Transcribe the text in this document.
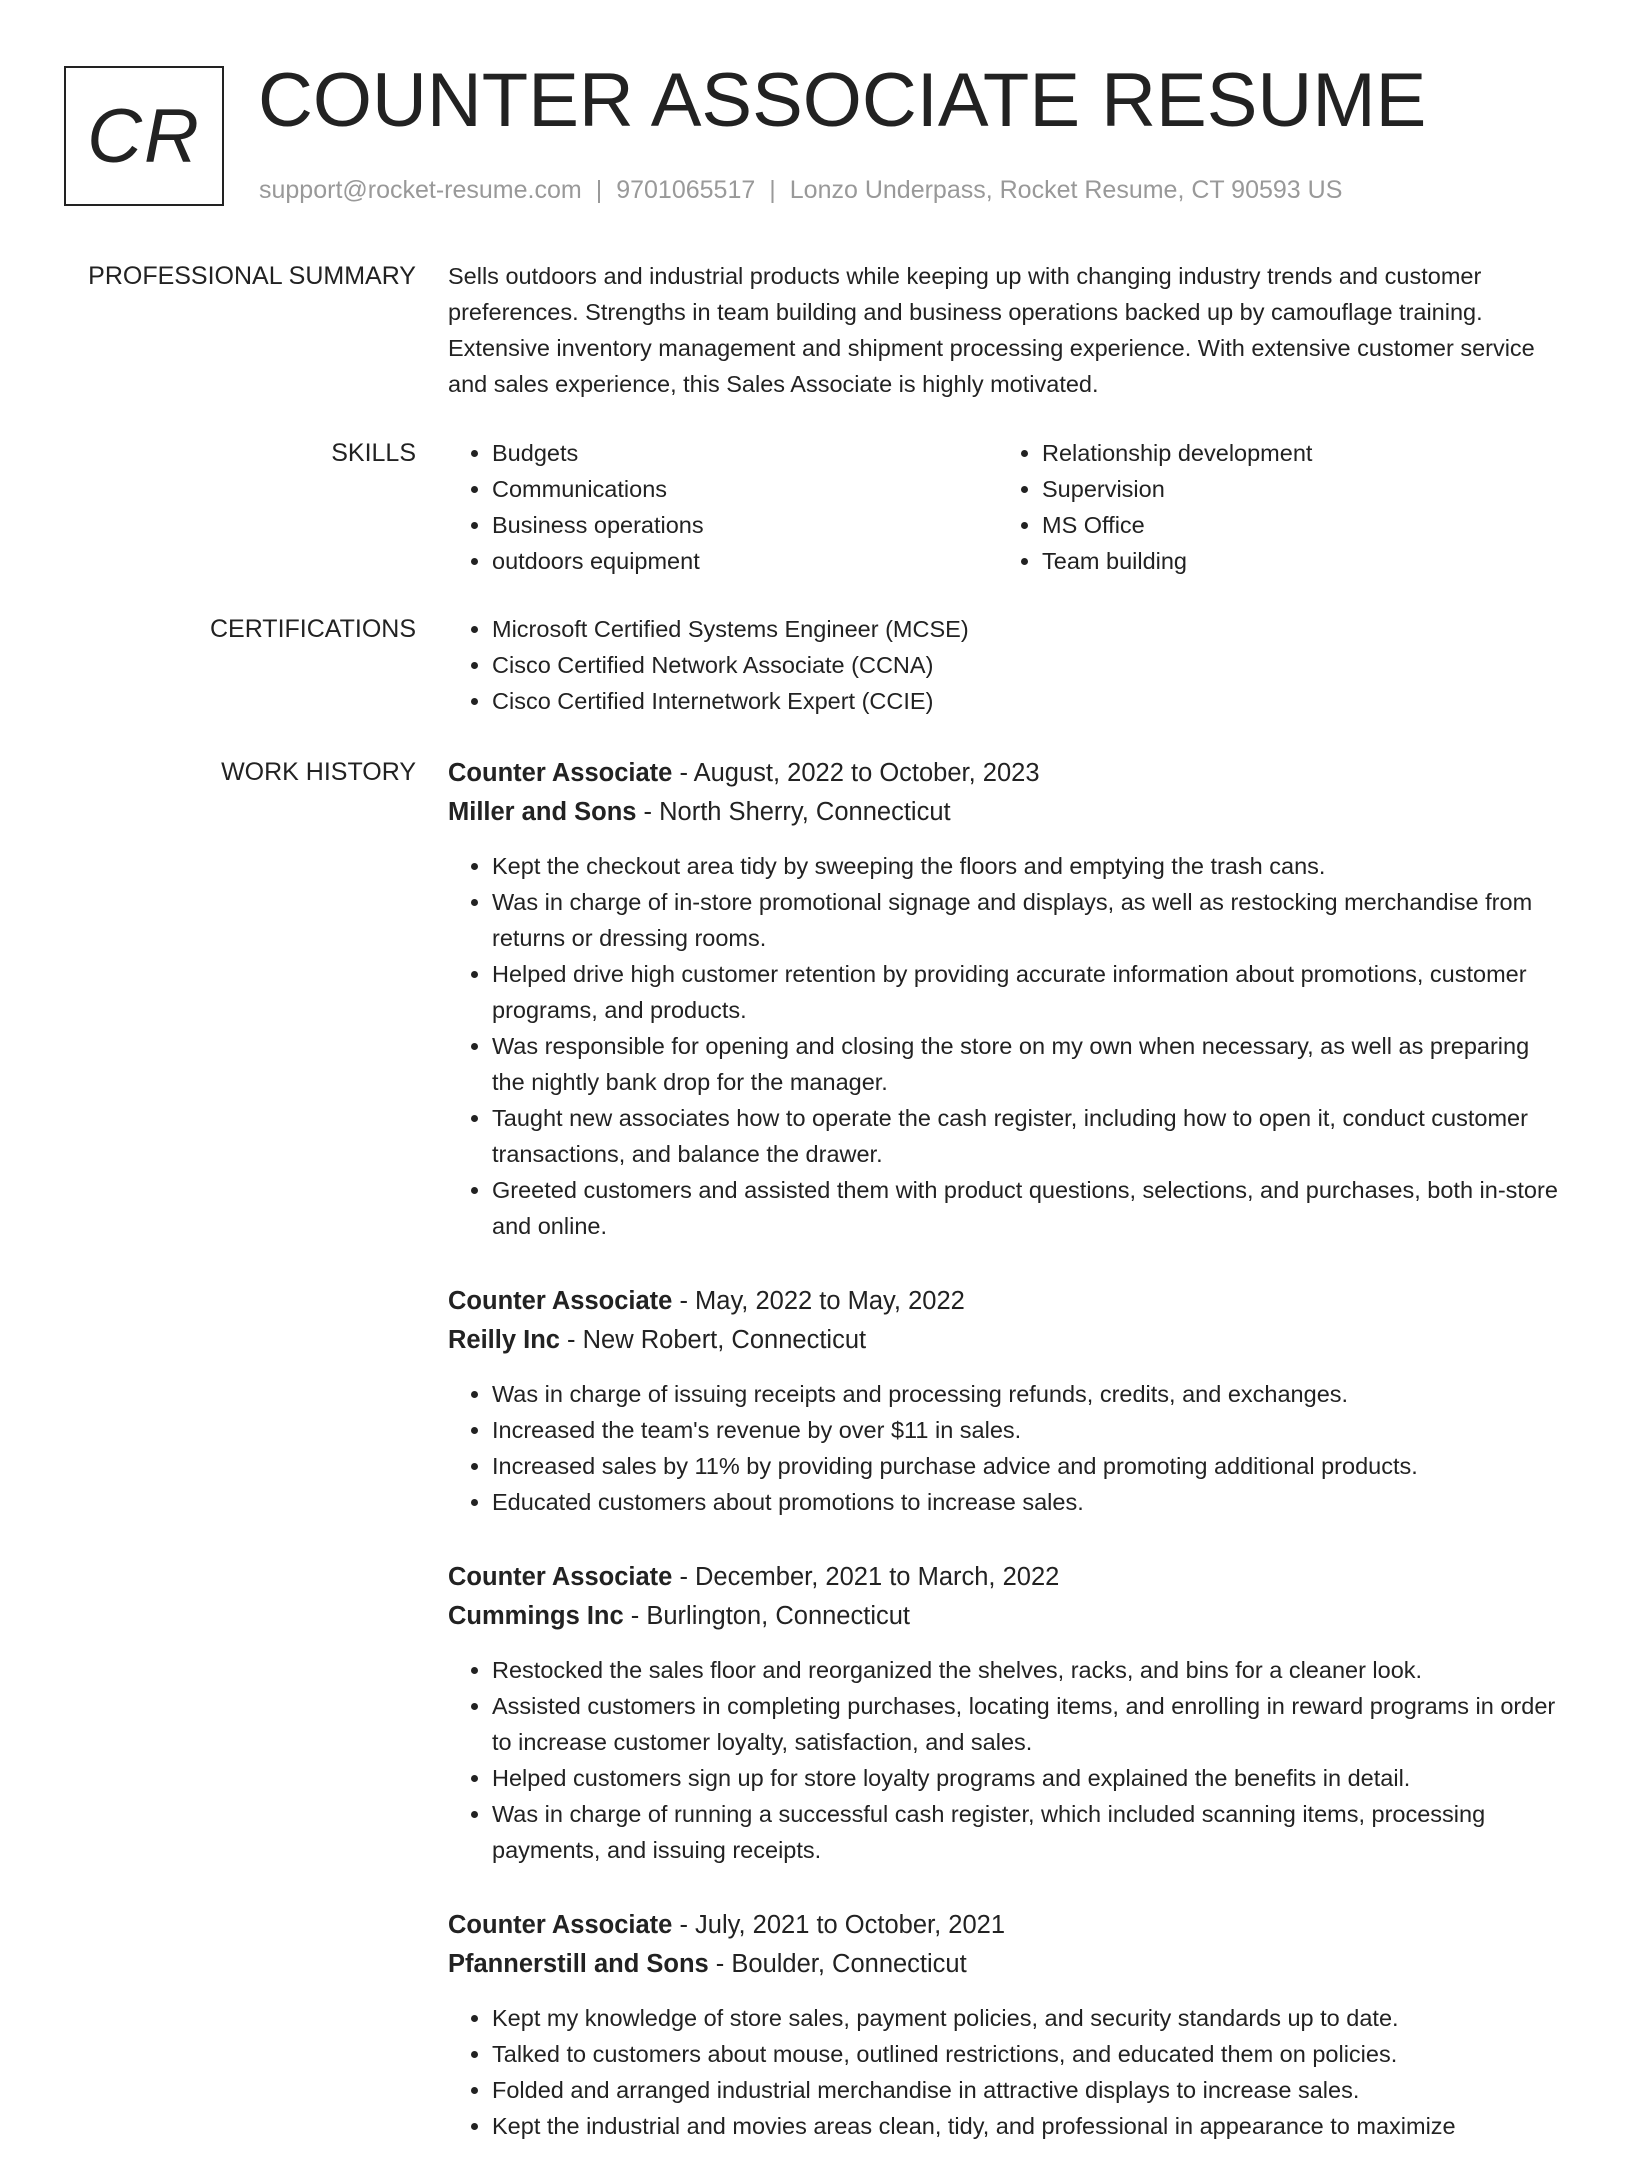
CR COUNTER ASSOCIATE RESUME
support@rocket-resume.com | 9701065517 | Lonzo Underpass, Rocket Resume, CT 90593 US
PROFESSIONAL SUMMARY Sells outdoors and industrial products while keeping up with changing industry trends and customer preferences. Strengths in team building and business operations backed up by camouflage training. Extensive inventory management and shipment processing experience. With extensive customer service and sales experience, this Sales Associate is highly motivated.

SKILLS	• Budgets
• Communications
• Business operations
• outdoors equipment
• Relationship development
• Supervision
• MS Office
• Team building
CERTIFICATIONS	• Microsoft Certified Systems Engineer (MCSE)
• Cisco Certified Network Associate (CCNA)
• Cisco Certified Internetwork Expert (CCIE)
WORK HISTORY Counter Associate - August, 2022 to October, 2023
Miller and Sons - North Sherry, Connecticut
• Kept the checkout area tidy by sweeping the floors and emptying the trash cans.
• Was in charge of in-store promotional signage and displays, as well as restocking merchandise from returns or dressing rooms.
• Helped drive high customer retention by providing accurate information about promotions, customer programs, and products.
• Was responsible for opening and closing the store on my own when necessary, as well as preparing the nightly bank drop for the manager.
• Taught new associates how to operate the cash register, including how to open it, conduct customer transactions, and balance the drawer.
• Greeted customers and assisted them with product questions, selections, and purchases, both in-store and online.
Counter Associate - May, 2022 to May, 2022
Reilly Inc - New Robert, Connecticut
• Was in charge of issuing receipts and processing refunds, credits, and exchanges.
• Increased the team's revenue by over $11 in sales.
• Increased sales by 11% by providing purchase advice and promoting additional products.
• Educated customers about promotions to increase sales.
Counter Associate - December, 2021 to March, 2022
Cummings Inc - Burlington, Connecticut
• Restocked the sales floor and reorganized the shelves, racks, and bins for a cleaner look.
• Assisted customers in completing purchases, locating items, and enrolling in reward programs in order to increase customer loyalty, satisfaction, and sales.
• Helped customers sign up for store loyalty programs and explained the benefits in detail.
• Was in charge of running a successful cash register, which included scanning items, processing payments, and issuing receipts.
Counter Associate - July, 2021 to October, 2021
Pfannerstill and Sons - Boulder, Connecticut
• Kept my knowledge of store sales, payment policies, and security standards up to date.
• Talked to customers about mouse, outlined restrictions, and educated them on policies.
• Folded and arranged industrial merchandise in attractive displays to increase sales.
• Kept the industrial and movies areas clean, tidy, and professional in appearance to maximize
